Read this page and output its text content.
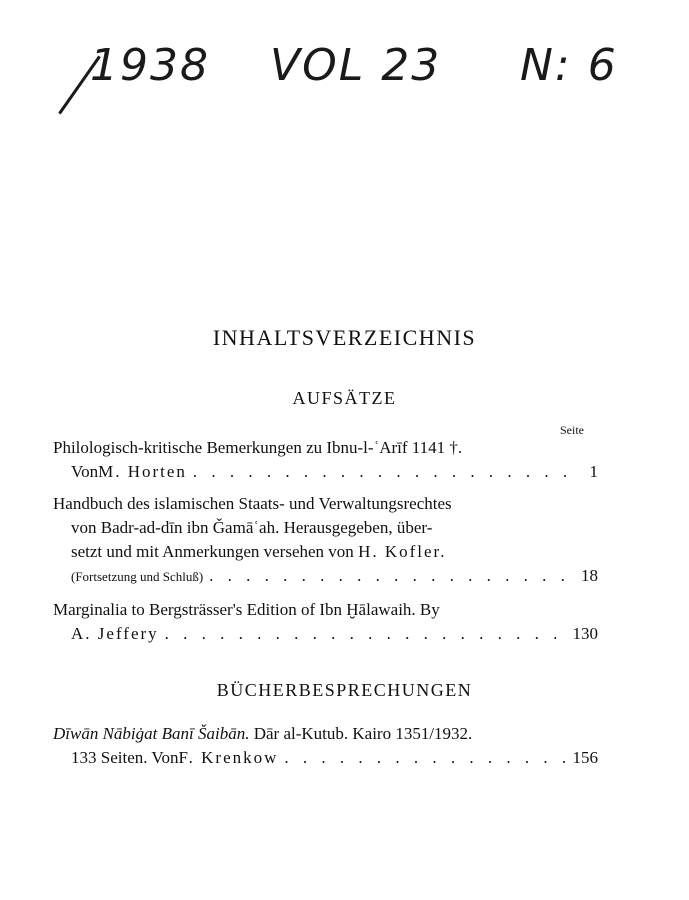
1938 VOL 23 N: 6
INHALTSVERZEICHNIS
AUFSÄTZE
Seite
Philologisch-kritische Bemerkungen zu Ibnu-l-ʿArīf 1141 †.
Von M. Horten . . .	1
Handbuch des islamischen Staats- und Verwaltungsrechtes
von Badr-ad-dīn ibn Ǧamāʿah. Herausgegeben, über-
setzt und mit Anmerkungen versehen von H. Kofler.
(Fortsetzung und Schluß) . . .	18
Marginalia to Bergsträsser's Edition of Ibn Ḫālawaih. By
A. Jeffery . . .	130
BÜCHERBESPRECHUNGEN
Dīwān Nābiġat Banī Šaibān. Dār al-Kutub. Kairo 1351/1932.
133 Seiten. Von F. Krenkow . . .	156
